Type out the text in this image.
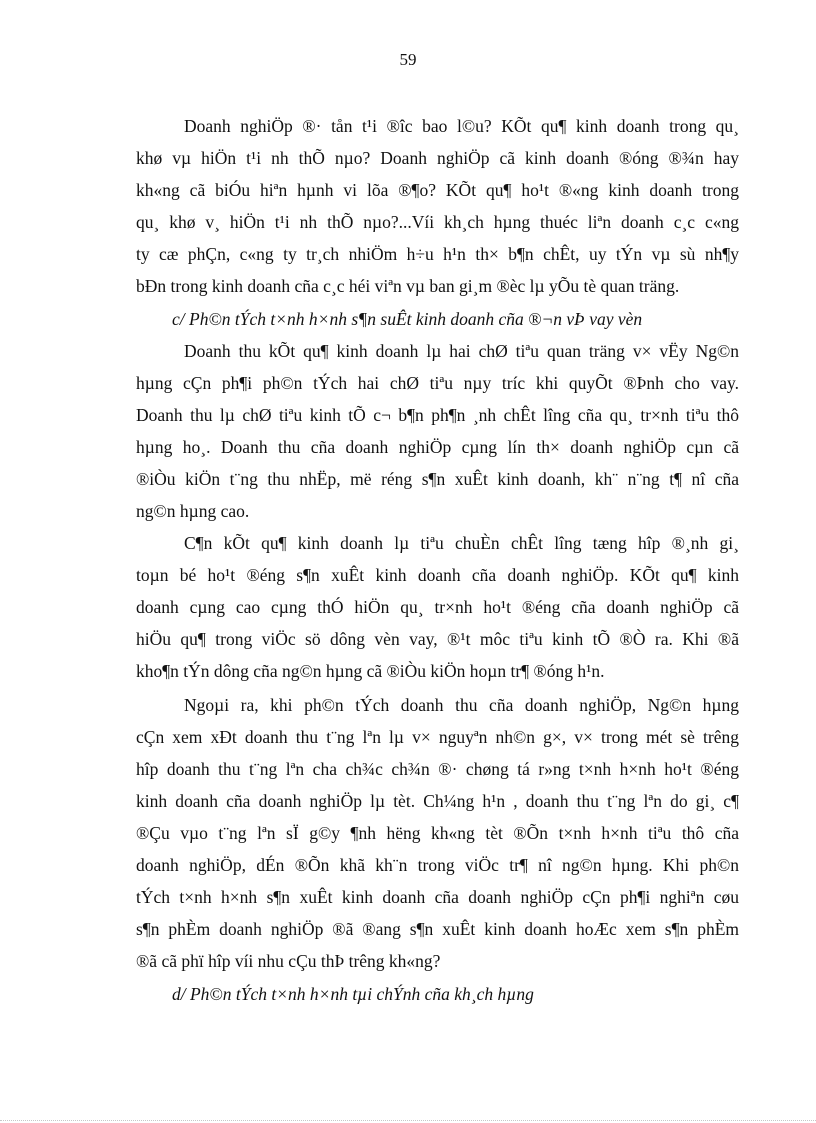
59
Doanh nghiÖp ®· tån t¹i ®îc bao l©u? KÕt qu¶ kinh doanh trong qu¸
khø vµ hiÖn t¹i nh thÕ nµo? Doanh nghiÖp cã kinh doanh ®óng ®¾n hay
kh«ng cã biÓu hiªn hµnh vi lõa ®¶o? KÕt qu¶ ho¹t ®«ng kinh doanh trong
qu¸ khø v¸ hiÖn t¹i nh thÕ nµo?...Víi kh¸ch hµng thuéc liªn doanh c¸c c«ng
ty cæ phÇn, c«ng ty tr¸ch nhiÖm h÷u h¹n th× b¶n chÊt, uy tÝn vµ sù nh¶y
bÐn trong kinh doanh cña c¸c héi viªn vµ ban gi¸m ®èc lµ yÕu tè quan träng.
c/ Ph©n tÝch t×nh h×nh s¶n suÊt kinh doanh cña ®¬n vÞ vay vèn
Doanh thu kÕt qu¶ kinh doanh lµ hai chØ tiªu quan träng v× vËy Ng©n
hµng cÇn ph¶i ph©n tÝch hai chØ tiªu nµy tríc khi quyÕt ®Þnh cho vay.
Doanh thu lµ chØ tiªu kinh tÕ c¬ b¶n ph¶n ¸nh chÊt lîng cña qu¸ tr×nh tiªu thô
hµng ho¸. Doanh thu cña doanh nghiÖp cµng lín th× doanh nghiÖp cµn cã
®iÒu kiÖn t¨ng thu nhËp, më réng s¶n xuÊt kinh doanh, kh¨ n¨ng t¶ nî cña
ng©n hµng cao.
C¶n kÕt qu¶ kinh doanh lµ tiªu chuÈn chÊt lîng tæng hîp ®¸nh gi¸
toµn bé ho¹t ®éng s¶n xuÊt kinh doanh cña doanh nghiÖp. KÕt qu¶ kinh
doanh cµng cao cµng thÓ hiÖn qu¸ tr×nh ho¹t ®éng cña doanh nghiÖp cã
hiÖu qu¶ trong viÖc sö dông vèn vay, ®¹t môc tiªu kinh tÕ ®Ò ra. Khi ®ã
kho¶n tÝn dông cña ng©n hµng cã ®iÒu kiÖn hoµn tr¶ ®óng h¹n.
Ngoµi ra, khi ph©n tÝch doanh thu cña doanh nghiÖp, Ng©n hµng
cÇn xem xÐt doanh thu t¨ng lªn lµ v× nguyªn nh©n g×, v× trong mét sè trêng
hîp doanh thu t¨ng lªn cha ch¾c ch¾n ®· chøng tá r»ng t×nh h×nh ho¹t ®éng
kinh doanh cña doanh nghiÖp lµ tèt. Ch¼ng h¹n , doanh thu t¨ng lªn do gi¸ c¶
®Çu vµo t¨ng lªn sÏ g©y ¶nh hëng kh«ng tèt ®Õn t×nh h×nh tiªu thô cña
doanh nghiÖp, dÉn ®Õn khã kh¨n trong viÖc tr¶ nî ng©n hµng. Khi ph©n
tÝch t×nh h×nh s¶n xuÊt kinh doanh cña doanh nghiÖp cÇn ph¶i nghiªn cøu
s¶n phÈm doanh nghiÖp ®ã ®ang s¶n xuÊt kinh doanh hoÆc xem s¶n phÈm
®ã cã phï hîp víi nhu cÇu thÞ trêng kh«ng?
d/ Ph©n tÝch t×nh h×nh tµi chÝnh cña kh¸ch hµng
